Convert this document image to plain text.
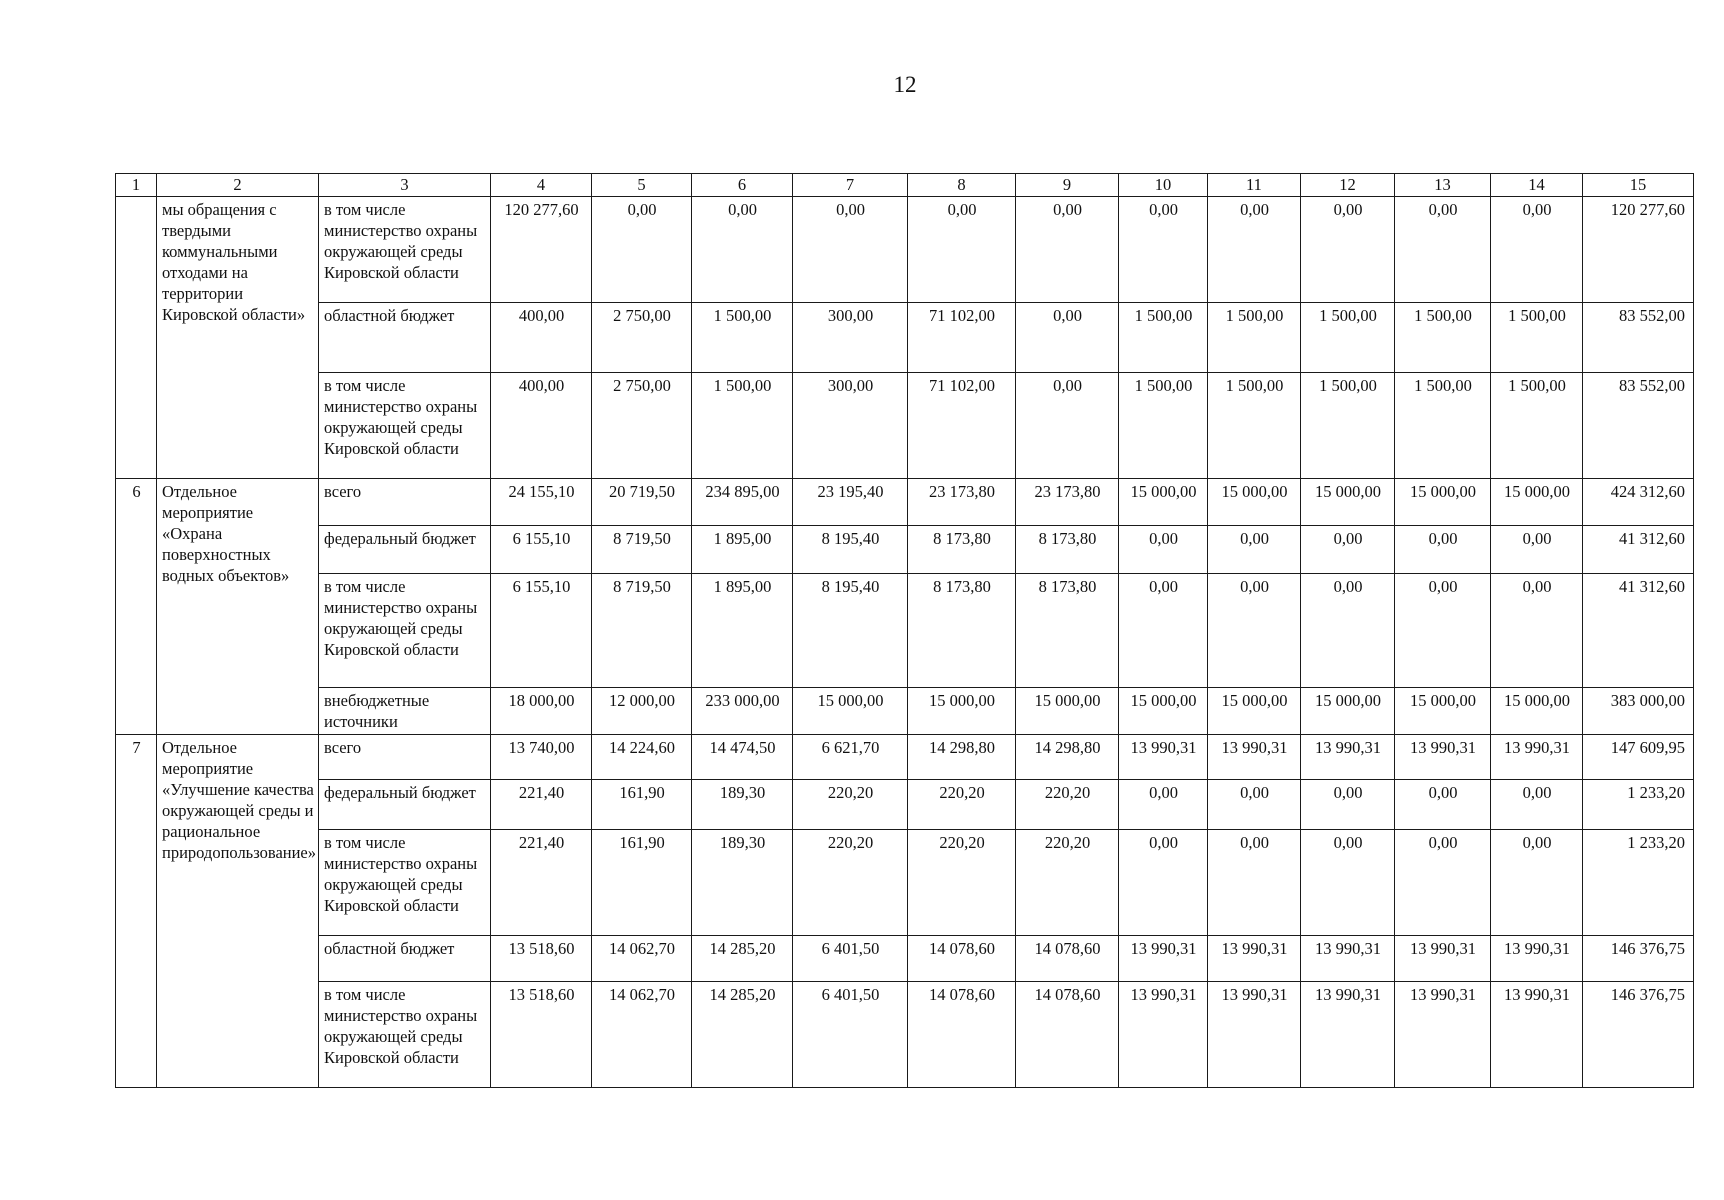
12
1	2	3	4	5	6	7	8	9	10	11	12	13	14	15
	мы обращения с твердыми коммунальными отходами на территории Кировской области»	в том числе министерство охраны окружающей среды Кировской области	120 277,60	0,00	0,00	0,00	0,00	0,00	0,00	0,00	0,00	0,00	0,00	120 277,60
		областной бюджет	400,00	2 750,00	1 500,00	300,00	71 102,00	0,00	1 500,00	1 500,00	1 500,00	1 500,00	1 500,00	83 552,00
		в том числе министерство охраны окружающей среды Кировской области	400,00	2 750,00	1 500,00	300,00	71 102,00	0,00	1 500,00	1 500,00	1 500,00	1 500,00	1 500,00	83 552,00
6	Отдельное мероприятие «Охрана поверхностных водных объектов»	всего	24 155,10	20 719,50	234 895,00	23 195,40	23 173,80	23 173,80	15 000,00	15 000,00	15 000,00	15 000,00	15 000,00	424 312,60
		федеральный бюджет	6 155,10	8 719,50	1 895,00	8 195,40	8 173,80	8 173,80	0,00	0,00	0,00	0,00	0,00	41 312,60
		в том числе министерство охраны окружающей среды Кировской области	6 155,10	8 719,50	1 895,00	8 195,40	8 173,80	8 173,80	0,00	0,00	0,00	0,00	0,00	41 312,60
		внебюджетные источники	18 000,00	12 000,00	233 000,00	15 000,00	15 000,00	15 000,00	15 000,00	15 000,00	15 000,00	15 000,00	15 000,00	383 000,00
7	Отдельное мероприятие «Улучшение качества окружающей среды и рациональное природопользование»	всего	13 740,00	14 224,60	14 474,50	6 621,70	14 298,80	14 298,80	13 990,31	13 990,31	13 990,31	13 990,31	13 990,31	147 609,95
		федеральный бюджет	221,40	161,90	189,30	220,20	220,20	220,20	0,00	0,00	0,00	0,00	0,00	1 233,20
		в том числе министерство охраны окружающей среды Кировской области	221,40	161,90	189,30	220,20	220,20	220,20	0,00	0,00	0,00	0,00	0,00	1 233,20
		областной бюджет	13 518,60	14 062,70	14 285,20	6 401,50	14 078,60	14 078,60	13 990,31	13 990,31	13 990,31	13 990,31	13 990,31	146 376,75
		в том числе министерство охраны окружающей среды Кировской области	13 518,60	14 062,70	14 285,20	6 401,50	14 078,60	14 078,60	13 990,31	13 990,31	13 990,31	13 990,31	13 990,31	146 376,75
